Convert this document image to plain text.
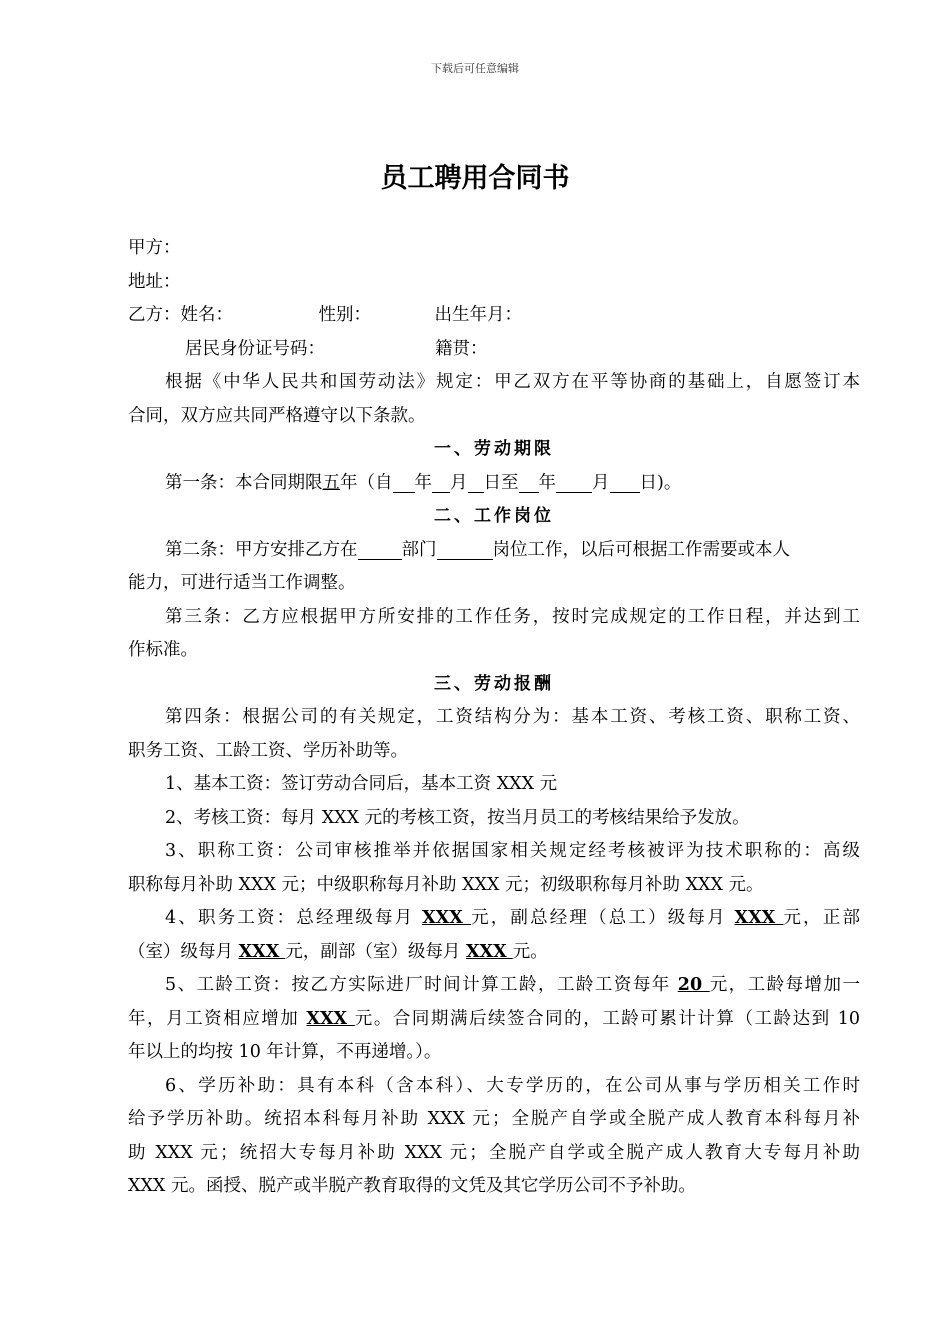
下载后可任意编辑
员工聘用合同书
甲方：
地址：
乙方：姓名：	性别：	出生年月：
居民身份证号码：	籍贯：
根据《中华人民共和国劳动法》规定：甲乙双方在平等协商的基础上，自愿签订本
合同，双方应共同严格遵守以下条款。
一、劳动期限
第一条：本合同期限五年（自 年 月 日至 年 月 日)。
二、工作岗位
第二条：甲方安排乙方在	部门	岗位工作，以后可根据工作需要或本人
能力，可进行适当工作调整。
第三条：乙方应根据甲方所安排的工作任务，按时完成规定的工作日程，并达到工
作标准。
三、劳动报酬
第四条：根据公司的有关规定，工资结构分为：基本工资、考核工资、职称工资、
职务工资、工龄工资、学历补助等。
1、基本工资：签订劳动合同后，基本工资 XXX 元
2、考核工资：每月 XXX 元的考核工资，按当月员工的考核结果给予发放。
3、职称工资：公司审核推举并依据国家相关规定经考核被评为技术职称的：高级
职称每月补助 XXX 元；中级职称每月补助 XXX 元；初级职称每月补助 XXX 元。
4、职务工资：总经理级每月 XXX 元，副总经理（总工）级每月 XXX 元，正部
（室）级每月 XXX 元，副部（室）级每月 XXX 元。
5、工龄工资：按乙方实际进厂时间计算工龄，工龄工资每年 20 元，工龄每增加一
年，月工资相应增加 XXX 元。合同期满后续签合同的，工龄可累计计算（工龄达到 10
年以上的均按 10 年计算，不再递增。）。
6、学历补助：具有本科（含本科）、大专学历的，在公司从事与学历相关工作时
给予学历补助。统招本科每月补助 XXX 元；全脱产自学或全脱产成人教育本科每月补
助 XXX 元；统招大专每月补助 XXX 元；全脱产自学或全脱产成人教育大专每月补助
XXX 元。函授、脱产或半脱产教育取得的文凭及其它学历公司不予补助。
